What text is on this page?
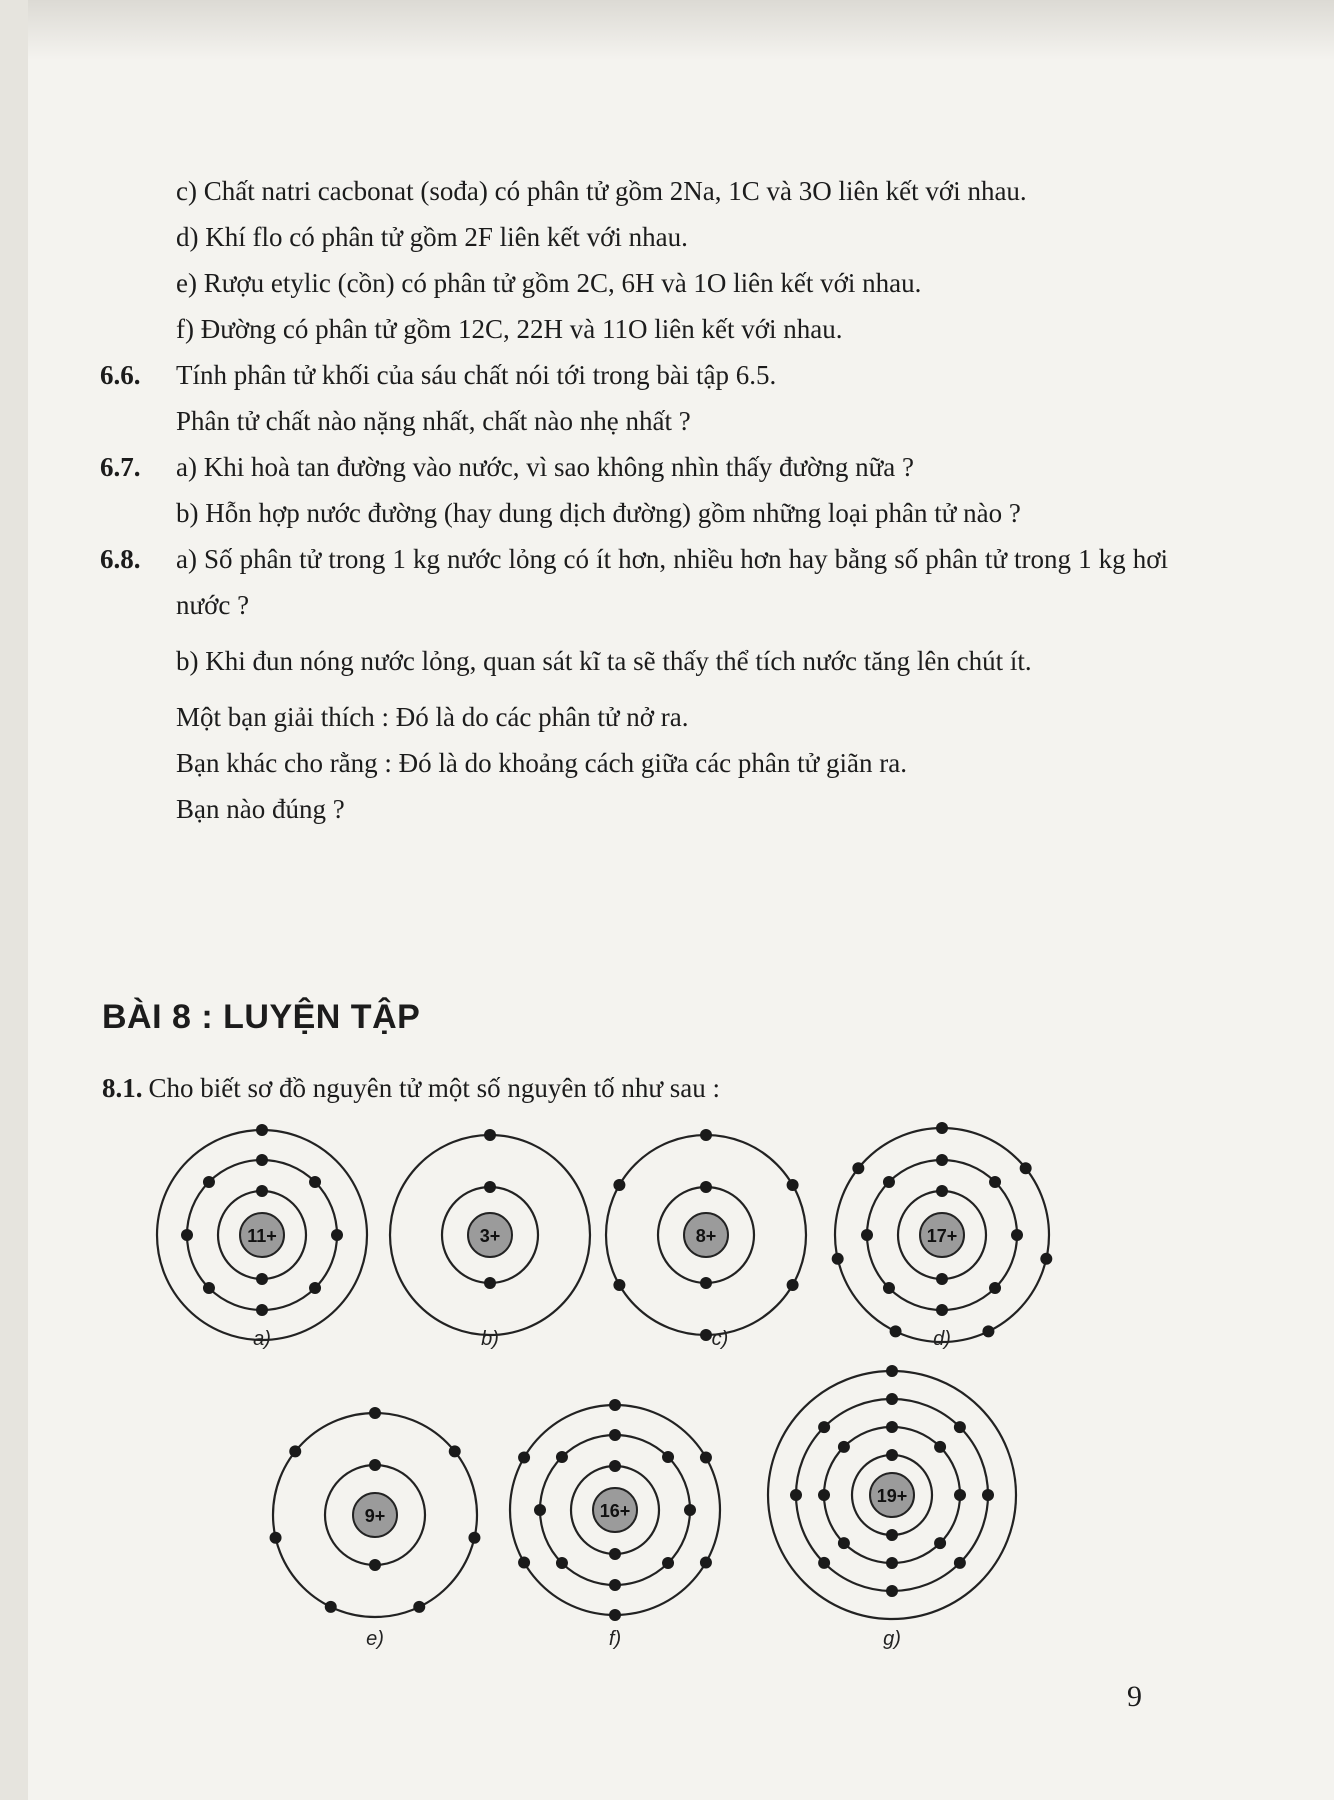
c) Chất natri cacbonat (sođa) có phân tử gồm 2Na, 1C và 3O liên kết với nhau.
d) Khí flo có phân tử gồm 2F liên kết với nhau.
e) Rượu etylic (cồn) có phân tử gồm 2C, 6H và 1O liên kết với nhau.
f) Đường có phân tử gồm 12C, 22H và 11O liên kết với nhau.
6.6.	Tính phân tử khối của sáu chất nói tới trong bài tập 6.5.
Phân tử chất nào nặng nhất, chất nào nhẹ nhất ?
6.7.	a) Khi hoà tan đường vào nước, vì sao không nhìn thấy đường nữa ?
b) Hỗn hợp nước đường (hay dung dịch đường) gồm những loại phân tử nào ?
6.8.	a) Số phân tử trong 1 kg nước lỏng có ít hơn, nhiều hơn hay bằng số phân tử trong 1 kg hơi nước ?
b) Khi đun nóng nước lỏng, quan sát kĩ ta sẽ thấy thể tích nước tăng lên chút ít.
Một bạn giải thích : Đó là do các phân tử nở ra.
Bạn khác cho rằng : Đó là do khoảng cách giữa các phân tử giãn ra.
Bạn nào đúng ?
BÀI 8 : LUYỆN TẬP
8.1. Cho biết sơ đồ nguyên tử một số nguyên tố như sau :
11+
a)
3+
b)
8+
c)
17+
d)
9+
e)
16+
f)
19+
g)
9
